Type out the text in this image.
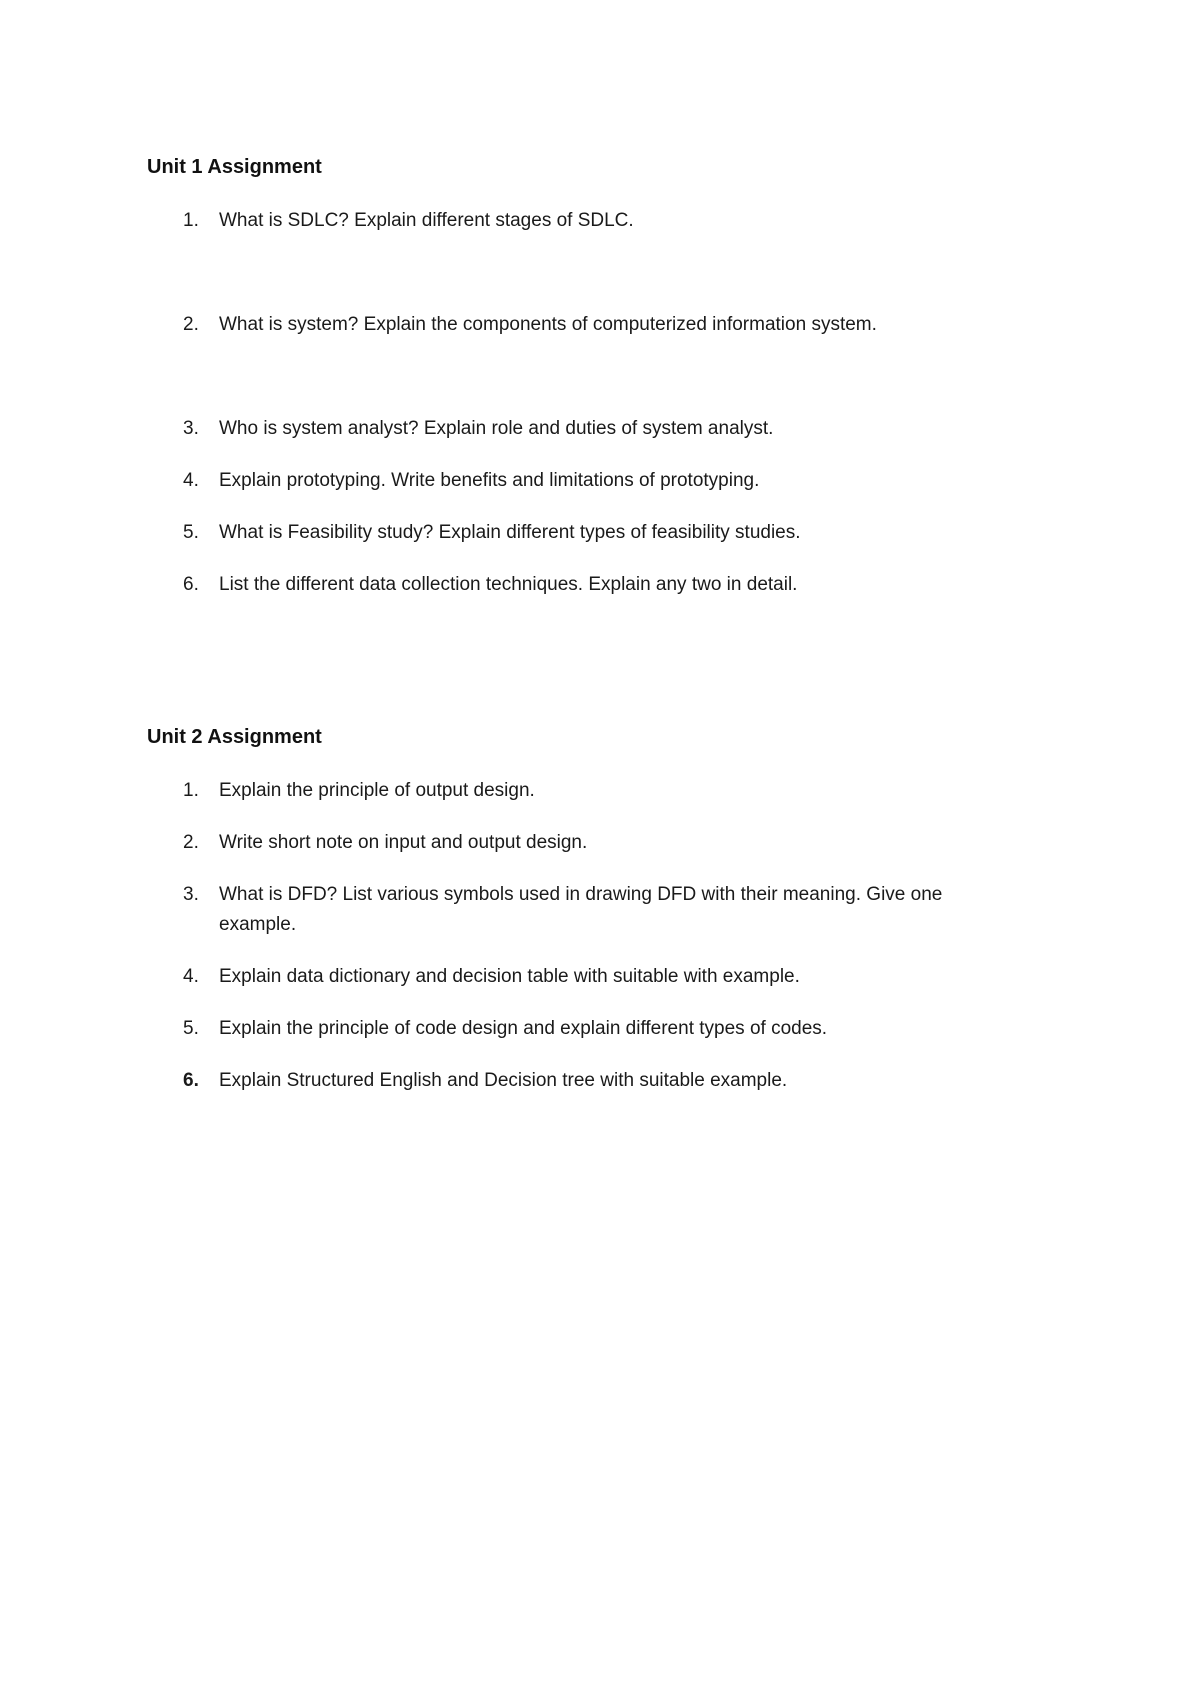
Unit 1 Assignment
1.	What is SDLC? Explain different stages of SDLC.
2.	What is system? Explain the components of computerized information system.
3.	Who is system analyst? Explain role and duties of system analyst.
4.	Explain prototyping. Write benefits and limitations of prototyping.
5.	What is Feasibility study? Explain different types of feasibility studies.
6.	List the different data collection techniques. Explain any two in detail.
Unit 2 Assignment
1.	Explain the principle of output design.
2.	Write short note on input and output design.
3.	What is DFD? List various symbols used in drawing DFD with their meaning. Give one example.
4.	Explain data dictionary and decision table with suitable with example.
5.	Explain the principle of code design and explain different types of codes.
6.	Explain Structured English and Decision tree with suitable example.
